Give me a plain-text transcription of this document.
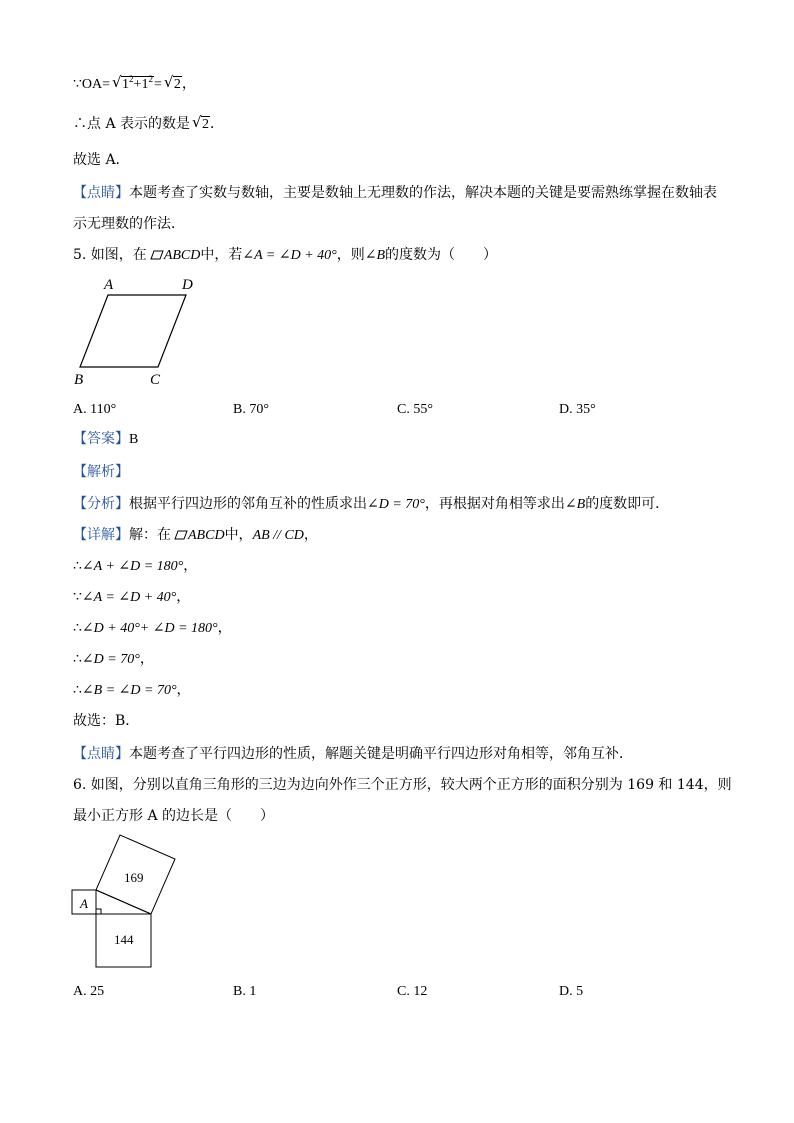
∵OA= √ $1^2+1^2=$ √ 2，
∴点 A 表示的数是 √ 2．
故选 A．
【点睛】本题考查了实数与数轴，主要是数轴上无理数的作法，解决本题的关键是要需熟练掌握在数轴表
示无理数的作法．
5. 如图，在 ABCD中，若∠A = ∠D + 40°，则∠B的度数为（　　）
A	D
B	C
A. 110°	B. 70°	C. 55°	D. 35°
【答案】B
【解析】
【分析】根据平行四边形的邻角互补的性质求出∠D = 70°，再根据对角相等求出∠B的度数即可．
【详解】解：在 ABCD中，AB // CD，
∴∠A + ∠D = 180°，
∵∠A = ∠D + 40°，
∴∠D + 40°+ ∠D = 180°，
∴∠D = 70°，
∴∠B = ∠D = 70°，
故选：B．
【点睛】本题考查了平行四边形的性质，解题关键是明确平行四边形对角相等，邻角互补．
6. 如图，分别以直角三角形的三边为边向外作三个正方形，较大两个正方形的面积分别为 169 和 144，则
最小正方形 A 的边长是（　　）
169
144
A
A. 25	B. 1	C. 12	D. 5
